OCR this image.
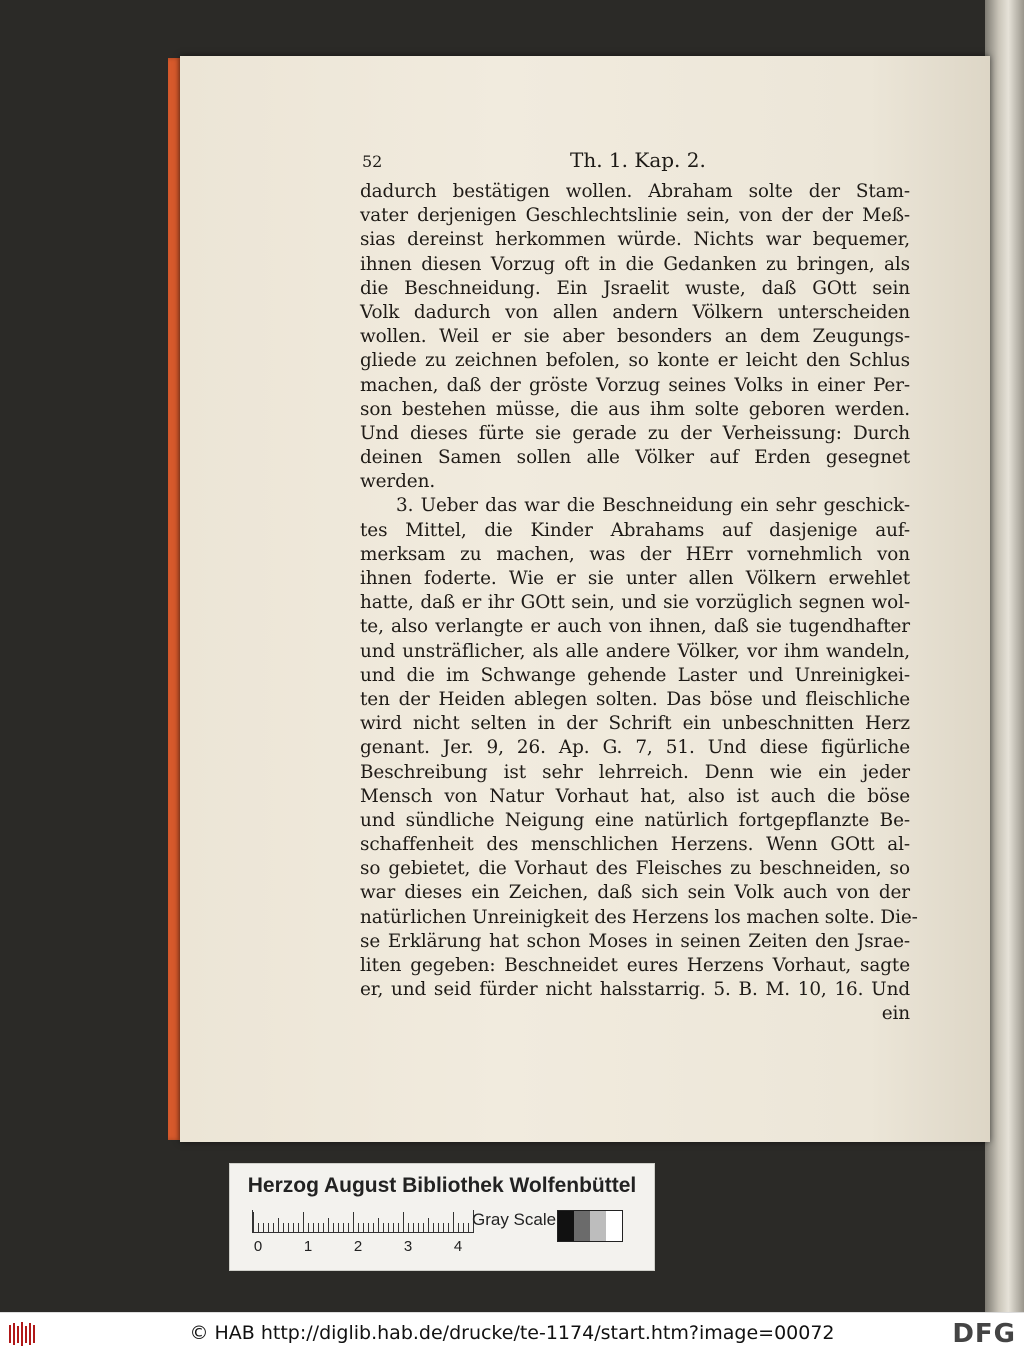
52	Th. 1. Kap. 2.
dadurch bestätigen wollen. Abraham solte der Stam-
vater derjenigen Geschlechtslinie sein, von der der Meß-
sias dereinst herkommen würde. Nichts war bequemer,
ihnen diesen Vorzug oft in die Gedanken zu bringen, als
die Beschneidung. Ein Jsraelit wuste, daß GOtt sein
Volk dadurch von allen andern Völkern unterscheiden
wollen. Weil er sie aber besonders an dem Zeugungs-
gliede zu zeichnen befolen, so konte er leicht den Schlus
machen, daß der gröste Vorzug seines Volks in einer Per-
son bestehen müsse, die aus ihm solte geboren werden.
Und dieses fürte sie gerade zu der Verheissung: Durch
deinen Samen sollen alle Völker auf Erden gesegnet
werden.
3. Ueber das war die Beschneidung ein sehr geschick-
tes Mittel, die Kinder Abrahams auf dasjenige auf-
merksam zu machen, was der HErr vornehmlich von
ihnen foderte. Wie er sie unter allen Völkern erwehlet
hatte, daß er ihr GOtt sein, und sie vorzüglich segnen wol-
te, also verlangte er auch von ihnen, daß sie tugendhafter
und unsträflicher, als alle andere Völker, vor ihm wandeln,
und die im Schwange gehende Laster und Unreinigkei-
ten der Heiden ablegen solten. Das böse und fleischliche
wird nicht selten in der Schrift ein unbeschnitten Herz
genant. Jer. 9, 26. Ap. G. 7, 51. Und diese figürliche
Beschreibung ist sehr lehrreich. Denn wie ein jeder
Mensch von Natur Vorhaut hat, also ist auch die böse
und sündliche Neigung eine natürlich fortgepflanzte Be-
schaffenheit des menschlichen Herzens. Wenn GOtt al-
so gebietet, die Vorhaut des Fleisches zu beschneiden, so
war dieses ein Zeichen, daß sich sein Volk auch von der
natürlichen Unreinigkeit des Herzens los machen solte. Die-
se Erklärung hat schon Moses in seinen Zeiten den Jsrae-
liten gegeben: Beschneidet eures Herzens Vorhaut, sagte
er, und seid fürder nicht halsstarrig. 5. B. M. 10, 16. Und
ein
Herzog August Bibliothek Wolfenbüttel
0	1	2	3	4
Gray Scale
© HAB http://diglib.hab.de/drucke/te-1174/start.htm?image=00072	DFG
